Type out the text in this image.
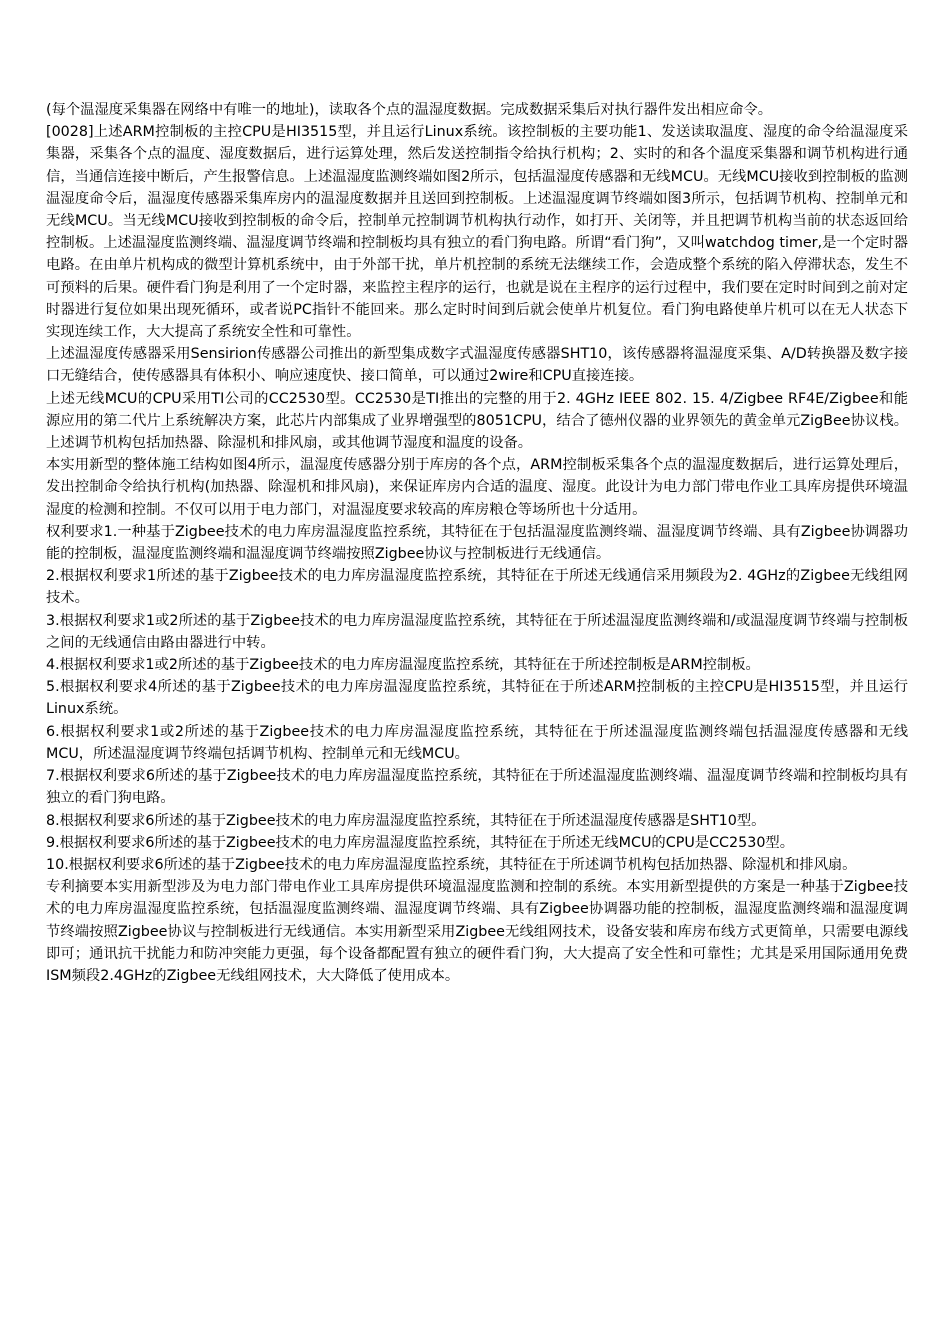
(每个温湿度采集器在网络中有唯一的地址)，读取各个点的温湿度数据。完成数据采集后对执行器件发出相应命令。

[0028]上述ARM控制板的主控CPU是HI3515型，并且运行Linux系统。该控制板的主要功能1、发送读取温度、湿度的命令给温湿度采集器，采集各个点的温度、湿度数据后，进行运算处理，然后发送控制指令给执行机构；2、实时的和各个温度采集器和调节机构进行通信，当通信连接中断后，产生报警信息。上述温湿度监测终端如图2所示，包括温湿度传感器和无线MCU。无线MCU接收到控制板的监测温湿度命令后，温湿度传感器采集库房内的温湿度数据并且送回到控制板。上述温湿度调节终端如图3所示，包括调节机构、控制单元和无线MCU。当无线MCU接收到控制板的命令后，控制单元控制调节机构执行动作，如打开、关闭等，并且把调节机构当前的状态返回给控制板。上述温湿度监测终端、温湿度调节终端和控制板均具有独立的看门狗电路。所谓“看门狗”，又叫watchdog timer,是一个定时器电路。在由单片机构成的微型计算机系统中，由于外部干扰，单片机控制的系统无法继续工作，会造成整个系统的陷入停滞状态，发生不可预料的后果。硬件看门狗是利用了一个定时器，来监控主程序的运行，也就是说在主程序的运行过程中，我们要在定时时间到之前对定时器进行复位如果出现死循环，或者说PC指针不能回来。那么定时时间到后就会使单片机复位。看门狗电路使单片机可以在无人状态下实现连续工作，大大提高了系统安全性和可靠性。

上述温湿度传感器采用Sensirion传感器公司推出的新型集成数字式温湿度传感器SHT10，该传感器将温湿度采集、A/D转换器及数字接口无缝结合，使传感器具有体积小、响应速度快、接口简单，可以通过2wire和CPU直接连接。

上述无线MCU的CPU采用TI公司的CC2530型。CC2530是TI推出的完整的用于2. 4GHz IEEE 802. 15. 4/Zigbee RF4E/Zigbee和能源应用的第二代片上系统解决方案，此芯片内部集成了业界增强型的8051CPU，结合了德州仪器的业界领先的黄金单元ZigBee协议栈。上述调节机构包括加热器、除湿机和排风扇，或其他调节湿度和温度的设备。

本实用新型的整体施工结构如图4所示，温湿度传感器分别于库房的各个点，ARM控制板采集各个点的温湿度数据后，进行运算处理后，发出控制命令给执行机构(加热器、除湿机和排风扇)，来保证库房内合适的温度、湿度。此设计为电力部门带电作业工具库房提供环境温湿度的检测和控制。不仅可以用于电力部门，对温湿度要求较高的库房粮仓等场所也十分适用。

权利要求1.一种基于Zigbee技术的电力库房温湿度监控系统，其特征在于包括温湿度监测终端、温湿度调节终端、具有Zigbee协调器功能的控制板，温湿度监测终端和温湿度调节终端按照Zigbee协议与控制板进行无线通信。

2.根据权利要求1所述的基于Zigbee技术的电力库房温湿度监控系统，其特征在于所述无线通信采用频段为2. 4GHz的Zigbee无线组网技术。

3.根据权利要求1或2所述的基于Zigbee技术的电力库房温湿度监控系统，其特征在于所述温湿度监测终端和/或温湿度调节终端与控制板之间的无线通信由路由器进行中转。

4.根据权利要求1或2所述的基于Zigbee技术的电力库房温湿度监控系统，其特征在于所述控制板是ARM控制板。

5.根据权利要求4所述的基于Zigbee技术的电力库房温湿度监控系统，其特征在于所述ARM控制板的主控CPU是HI3515型，并且运行Linux系统。

6.根据权利要求1或2所述的基于Zigbee技术的电力库房温湿度监控系统，其特征在于所述温湿度监测终端包括温湿度传感器和无线MCU，所述温湿度调节终端包括调节机构、控制单元和无线MCU。

7.根据权利要求6所述的基于Zigbee技术的电力库房温湿度监控系统，其特征在于所述温湿度监测终端、温湿度调节终端和控制板均具有独立的看门狗电路。

8.根据权利要求6所述的基于Zigbee技术的电力库房温湿度监控系统，其特征在于所述温湿度传感器是SHT10型。

9.根据权利要求6所述的基于Zigbee技术的电力库房温湿度监控系统，其特征在于所述无线MCU的CPU是CC2530型。

10.根据权利要求6所述的基于Zigbee技术的电力库房温湿度监控系统，其特征在于所述调节机构包括加热器、除湿机和排风扇。

专利摘要本实用新型涉及为电力部门带电作业工具库房提供环境温湿度监测和控制的系统。本实用新型提供的方案是一种基于Zigbee技术的电力库房温湿度监控系统，包括温湿度监测终端、温湿度调节终端、具有Zigbee协调器功能的控制板，温湿度监测终端和温湿度调节终端按照Zigbee协议与控制板进行无线通信。本实用新型采用Zigbee无线组网技术，设备安装和库房布线方式更简单，只需要电源线即可；通讯抗干扰能力和防冲突能力更强，每个设备都配置有独立的硬件看门狗，大大提高了安全性和可靠性；尤其是采用国际通用免费ISM频段2.4GHz的Zigbee无线组网技术，大大降低了使用成本。
